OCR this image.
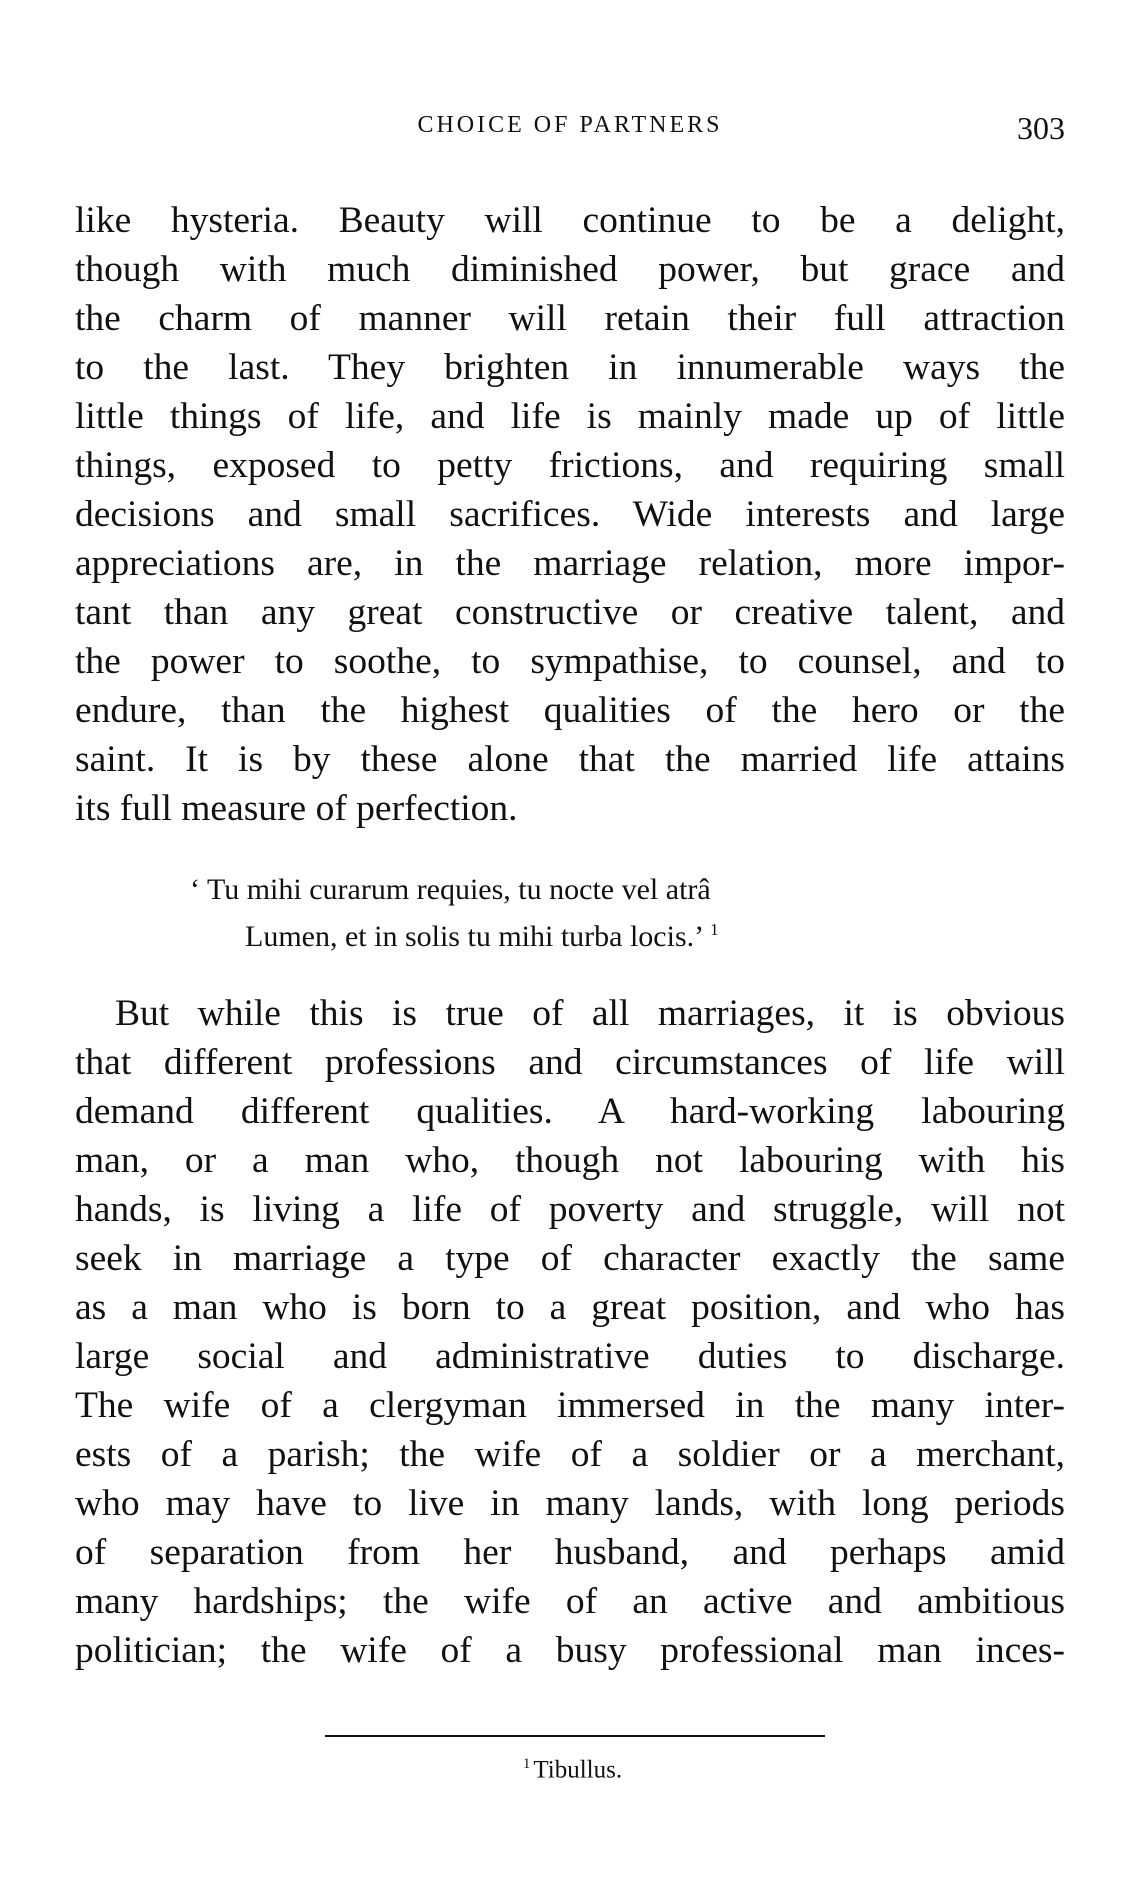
CHOICE OF PARTNERS	303
like hysteria. Beauty will continue to be a delight,
though with much diminished power, but grace and
the charm of manner will retain their full attraction
to the last. They brighten in innumerable ways the
little things of life, and life is mainly made up of little
things, exposed to petty frictions, and requiring small
decisions and small sacrifices. Wide interests and large
appreciations are, in the marriage relation, more impor-
tant than any great constructive or creative talent, and
the power to soothe, to sympathise, to counsel, and to
endure, than the highest qualities of the hero or the
saint. It is by these alone that the married life attains
its full measure of perfection.
‘ Tu mihi curarum requies, tu nocte vel atrâ
Lumen, et in solis tu mihi turba locis.’ $^1$
But while this is true of all marriages, it is obvious
that different professions and circumstances of life will
demand different qualities. A hard-working labouring
man, or a man who, though not labouring with his
hands, is living a life of poverty and struggle, will not
seek in marriage a type of character exactly the same
as a man who is born to a great position, and who has
large social and administrative duties to discharge.
The wife of a clergyman immersed in the many inter-
ests of a parish; the wife of a soldier or a merchant,
who may have to live in many lands, with long periods
of separation from her husband, and perhaps amid
many hardships; the wife of an active and ambitious
politician; the wife of a busy professional man inces-
$^1$ Tibullus.
